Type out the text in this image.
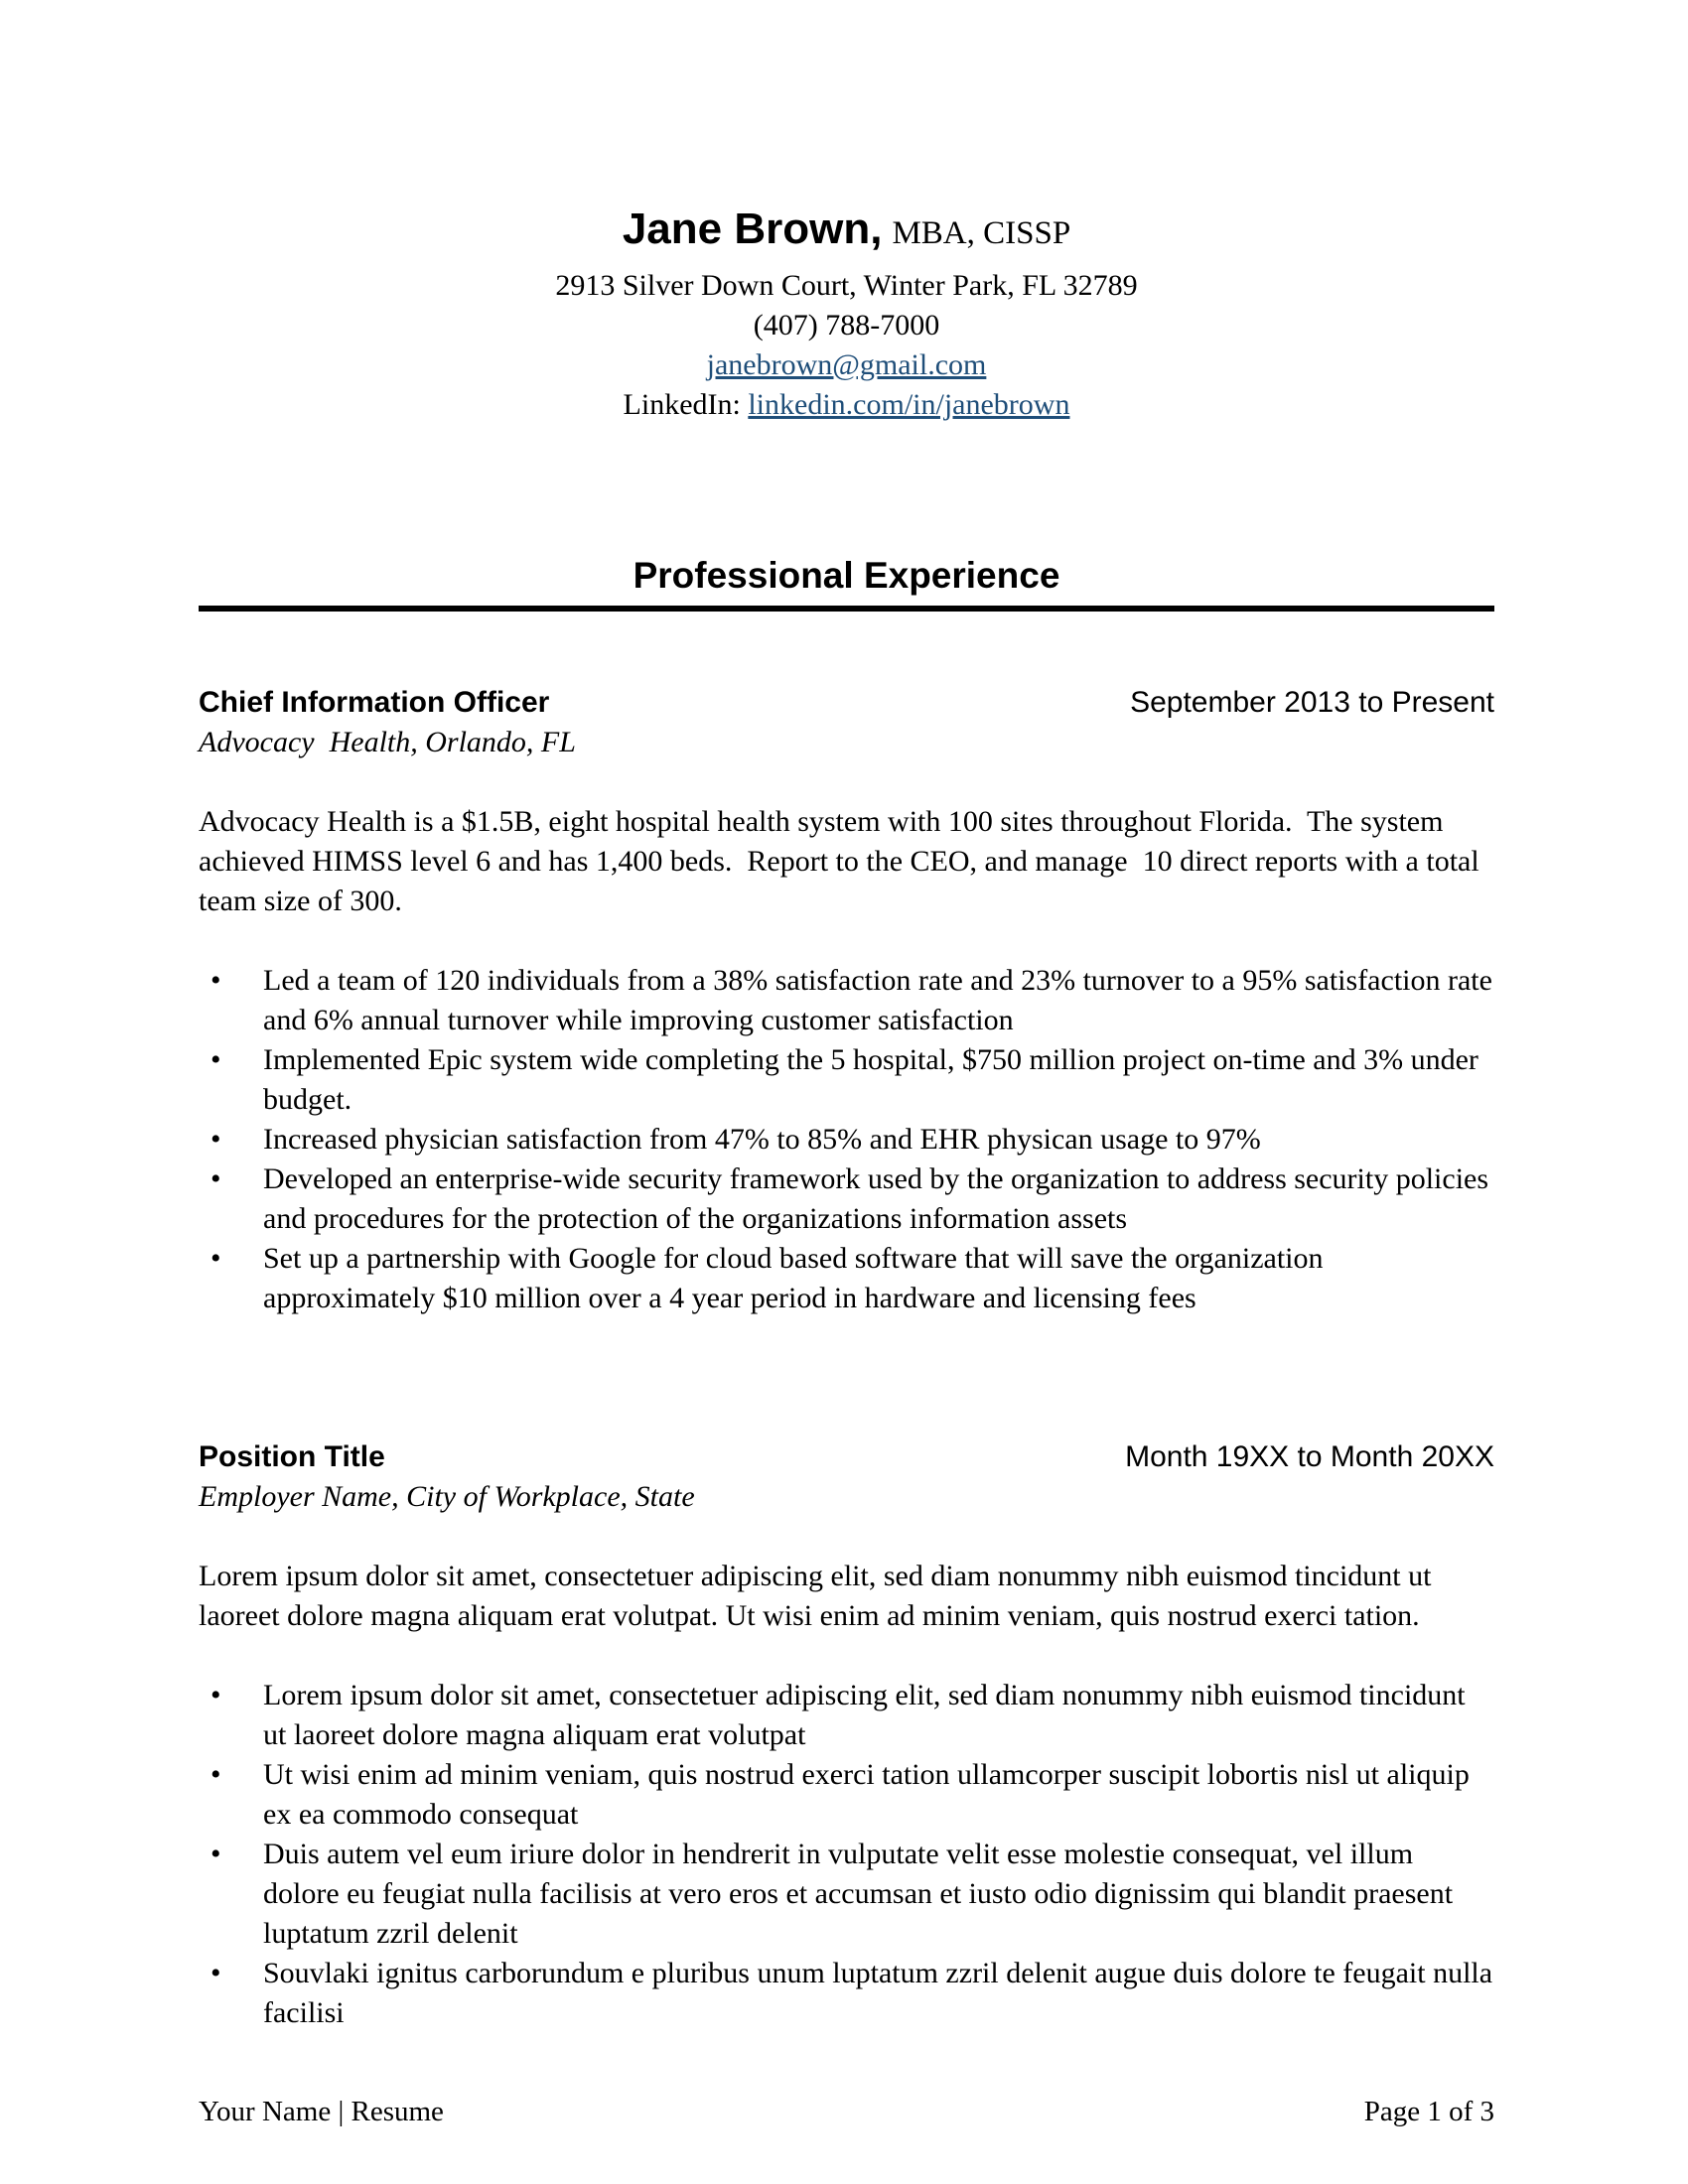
Jane Brown, MBA, CISSP
2913 Silver Down Court, Winter Park, FL 32789
(407) 788-7000
janebrown@gmail.com
LinkedIn: linkedin.com/in/janebrown
Professional Experience
Chief Information Officer	September 2013 to Present
Advocacy  Health, Orlando, FL

Advocacy Health is a $1.5B, eight hospital health system with 100 sites throughout Florida.  The system achieved HIMSS level 6 and has 1,400 beds.  Report to the CEO, and manage  10 direct reports with a total team size of 300.

• Led a team of 120 individuals from a 38% satisfaction rate and 23% turnover to a 95% satisfaction rate and 6% annual turnover while improving customer satisfaction
• Implemented Epic system wide completing the 5 hospital, $750 million project on-time and 3% under budget.
• Increased physician satisfaction from 47% to 85% and EHR physican usage to 97%
• Developed an enterprise-wide security framework used by the organization to address security policies and procedures for the protection of the organizations information assets
• Set up a partnership with Google for cloud based software that will save the organization approximately $10 million over a 4 year period in hardware and licensing fees
Position Title	Month 19XX to Month 20XX
Employer Name, City of Workplace, State

Lorem ipsum dolor sit amet, consectetuer adipiscing elit, sed diam nonummy nibh euismod tincidunt ut laoreet dolore magna aliquam erat volutpat. Ut wisi enim ad minim veniam, quis nostrud exerci tation.

• Lorem ipsum dolor sit amet, consectetuer adipiscing elit, sed diam nonummy nibh euismod tincidunt ut laoreet dolore magna aliquam erat volutpat
• Ut wisi enim ad minim veniam, quis nostrud exerci tation ullamcorper suscipit lobortis nisl ut aliquip ex ea commodo consequat
• Duis autem vel eum iriure dolor in hendrerit in vulputate velit esse molestie consequat, vel illum dolore eu feugiat nulla facilisis at vero eros et accumsan et iusto odio dignissim qui blandit praesent luptatum zzril delenit
• Souvlaki ignitus carborundum e pluribus unum luptatum zzril delenit augue duis dolore te feugait nulla facilisi
Your Name | Resume	Page 1 of 3
